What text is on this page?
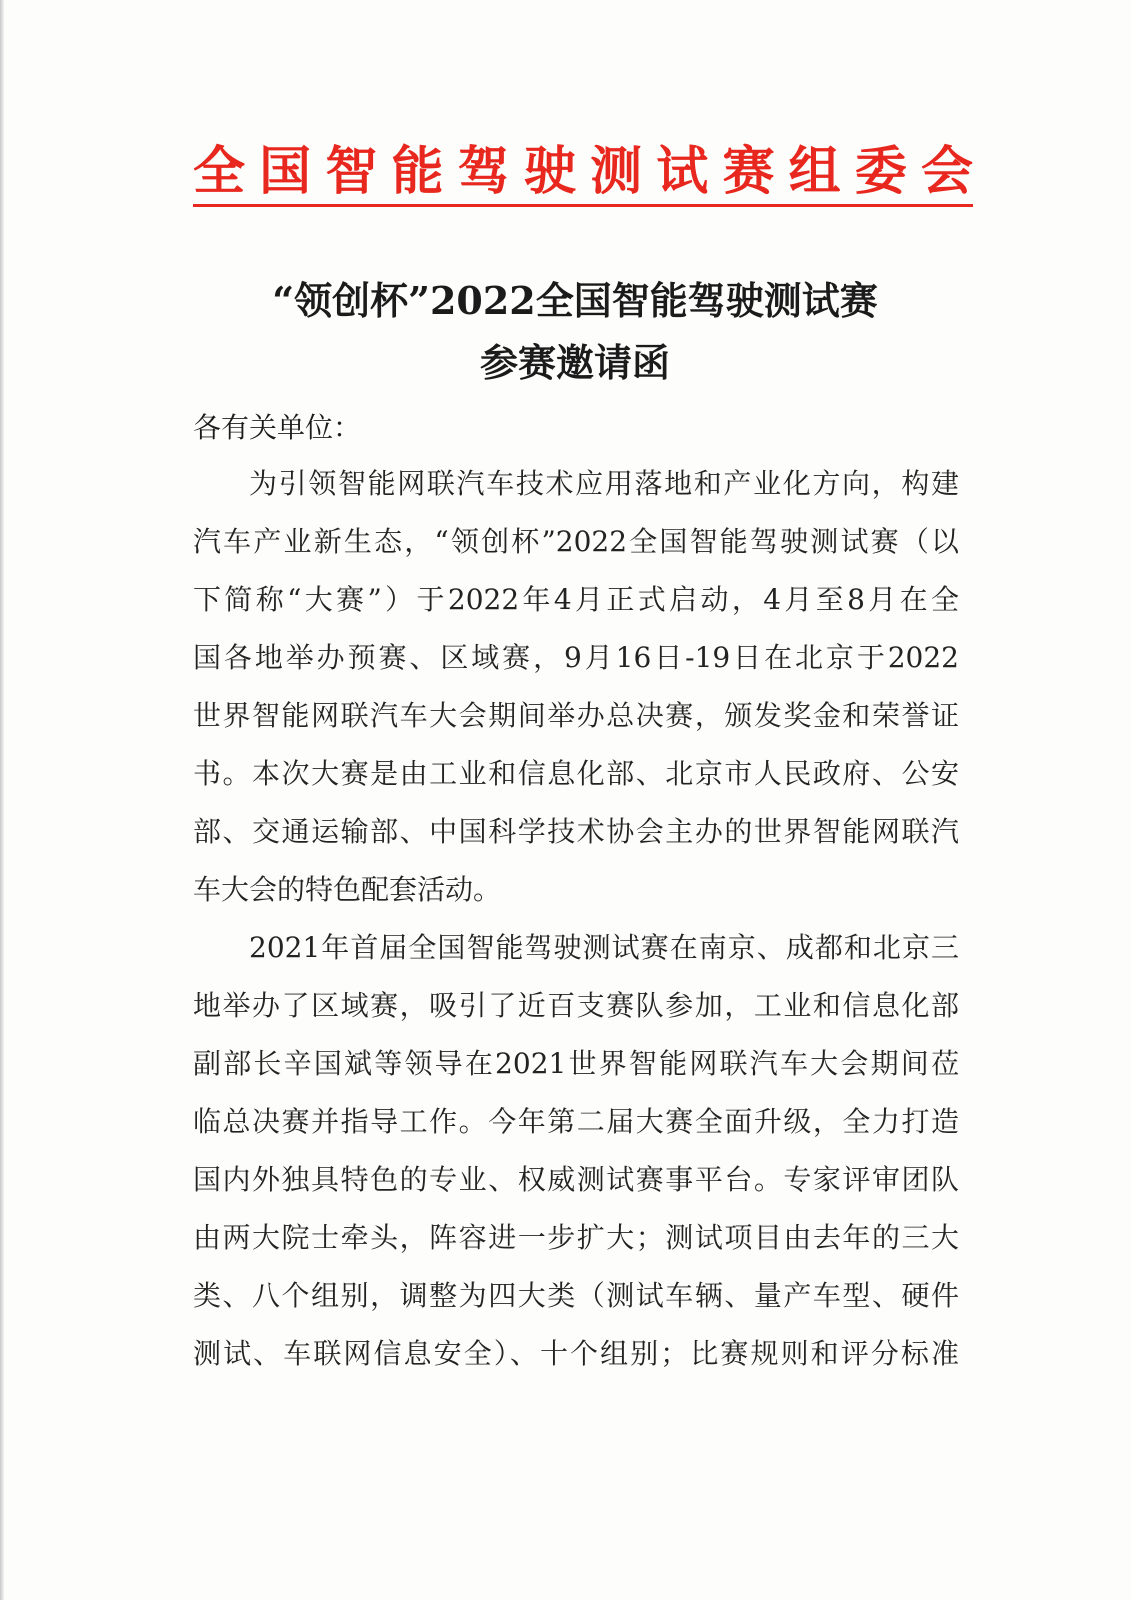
全国智能驾驶测试赛组委会
“领创杯”2022全国智能驾驶测试赛
参赛邀请函
各有关单位：
为引领智能网联汽车技术应用落地和产业化方向，构建
汽车产业新生态，“领创杯”2022全国智能驾驶测试赛（以
下简称“大赛”）于2022年4月正式启动，4月至8月在全
国各地举办预赛、区域赛，9月16日-19日在北京于2022
世界智能网联汽车大会期间举办总决赛，颁发奖金和荣誉证
书。本次大赛是由工业和信息化部、北京市人民政府、公安
部、交通运输部、中国科学技术协会主办的世界智能网联汽
车大会的特色配套活动。
2021年首届全国智能驾驶测试赛在南京、成都和北京三
地举办了区域赛，吸引了近百支赛队参加，工业和信息化部
副部长辛国斌等领导在2021世界智能网联汽车大会期间莅
临总决赛并指导工作。今年第二届大赛全面升级，全力打造
国内外独具特色的专业、权威测试赛事平台。专家评审团队
由两大院士牵头，阵容进一步扩大；测试项目由去年的三大
类、八个组别，调整为四大类（测试车辆、量产车型、硬件
测试、车联网信息安全）、十个组别；比赛规则和评分标准
